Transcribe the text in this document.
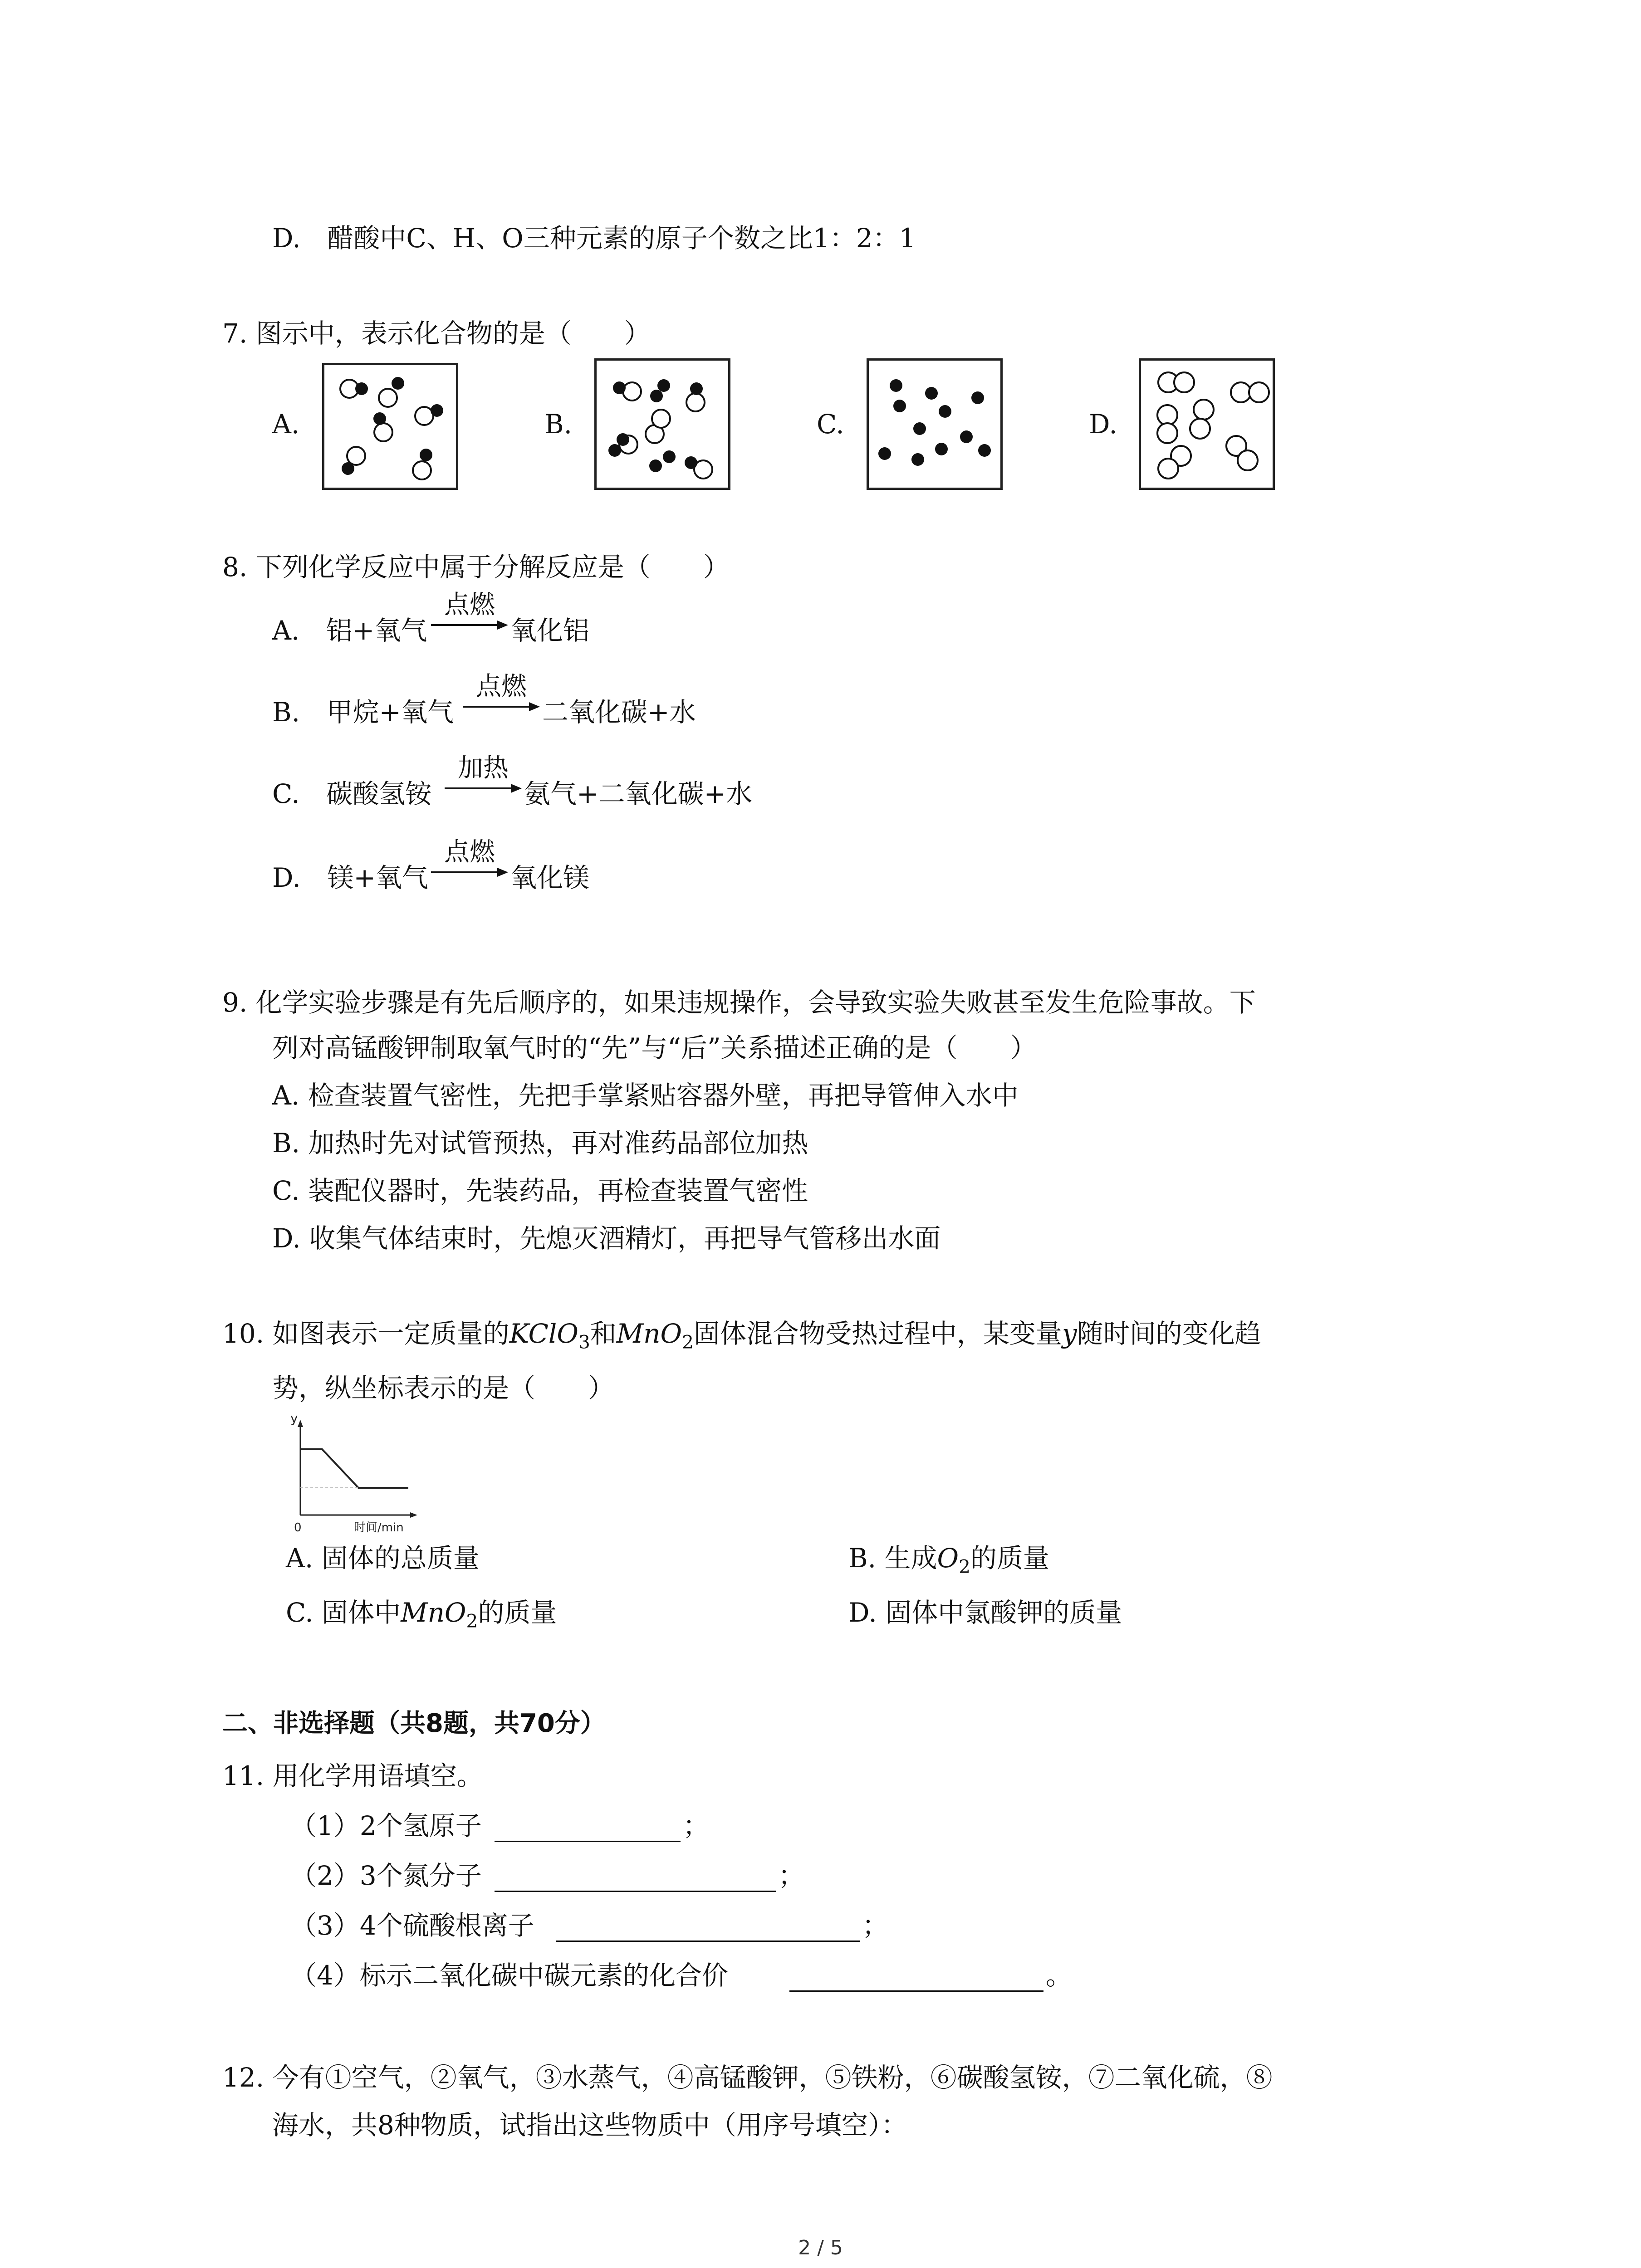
D. 醋酸中C、H、O三种元素的原子个数之比1：2：1
7. 图示中，表示化合物的是（　　）
A.	B.	C.	D.
8. 下列化学反应中属于分解反应是（　　）
A. 铝+氧气
点燃
氧化铝
B. 甲烷+氧气
点燃
二氧化碳+水
C. 碳酸氢铵
加热
氨气+二氧化碳+水
D. 镁+氧气
点燃
氧化镁
9. 化学实验步骤是有先后顺序的，如果违规操作，会导致实验失败甚至发生危险事故。下
列对高锰酸钾制取氧气时的“先”与“后”关系描述正确的是（　　）
A. 检查装置气密性，先把手掌紧贴容器外壁，再把导管伸入水中
B. 加热时先对试管预热，再对准药品部位加热
C. 装配仪器时，先装药品，再检查装置气密性
D. 收集气体结束时，先熄灭酒精灯，再把导气管移出水面
10. 如图表示一定质量的KClO$_3$和MnO$_2$固体混合物受热过程中，某变量y随时间的变化趋
势，纵坐标表示的是（　　）
y
0	时间/min
A. 固体的总质量	B. 生成$O_2$的质量
C. 固体中MnO$_2$的质量	D. 固体中氯酸钾的质量
二、非选择题（共8题，共70分）
11. 用化学用语填空。
（1）2个氢原子	；
（2）3个氮分子	；
（3）4个硫酸根离子	；
（4）标示二氧化碳中碳元素的化合价	。
12. 今有①空气，②氧气，③水蒸气，④高锰酸钾，⑤铁粉，⑥碳酸氢铵，⑦二氧化硫，⑧
海水，共8种物质，试指出这些物质中（用序号填空）：
2 / 5
